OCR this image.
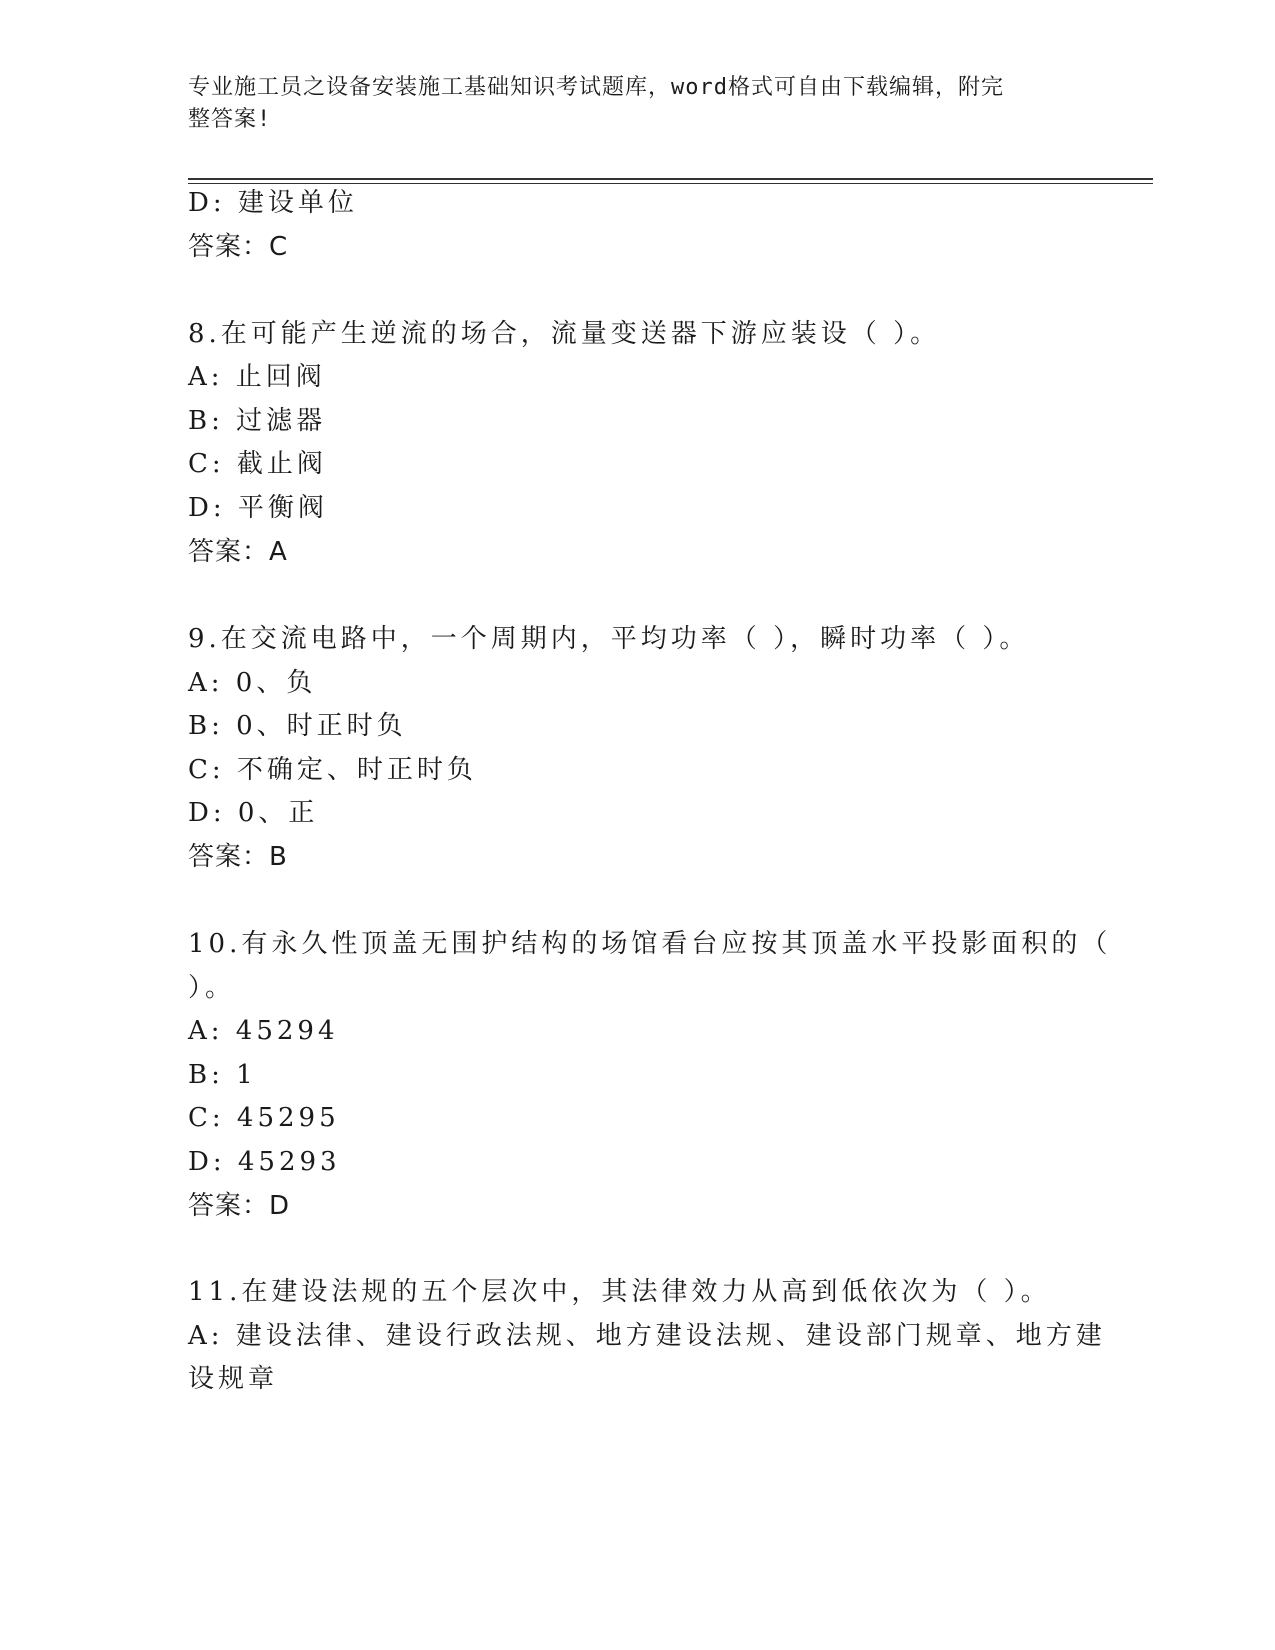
专业施工员之设备安装施工基础知识考试题库，word格式可自由下载编辑，附完
整答案!
D: 建设单位
答案：C
8.在可能产生逆流的场合，流量变送器下游应装设（ ）。
A: 止回阀
B: 过滤器
C: 截止阀
D: 平衡阀
答案：A
9.在交流电路中，一个周期内，平均功率（ ），瞬时功率（ ）。
A: 0、负
B: 0、时正时负
C: 不确定、时正时负
D: 0、正
答案：B
10.有永久性顶盖无围护结构的场馆看台应按其顶盖水平投影面积的（
）。
A: 45294
B: 1
C: 45295
D: 45293
答案：D
11.在建设法规的五个层次中，其法律效力从高到低依次为（ ）。
A: 建设法律、建设行政法规、地方建设法规、建设部门规章、地方建
设规章
